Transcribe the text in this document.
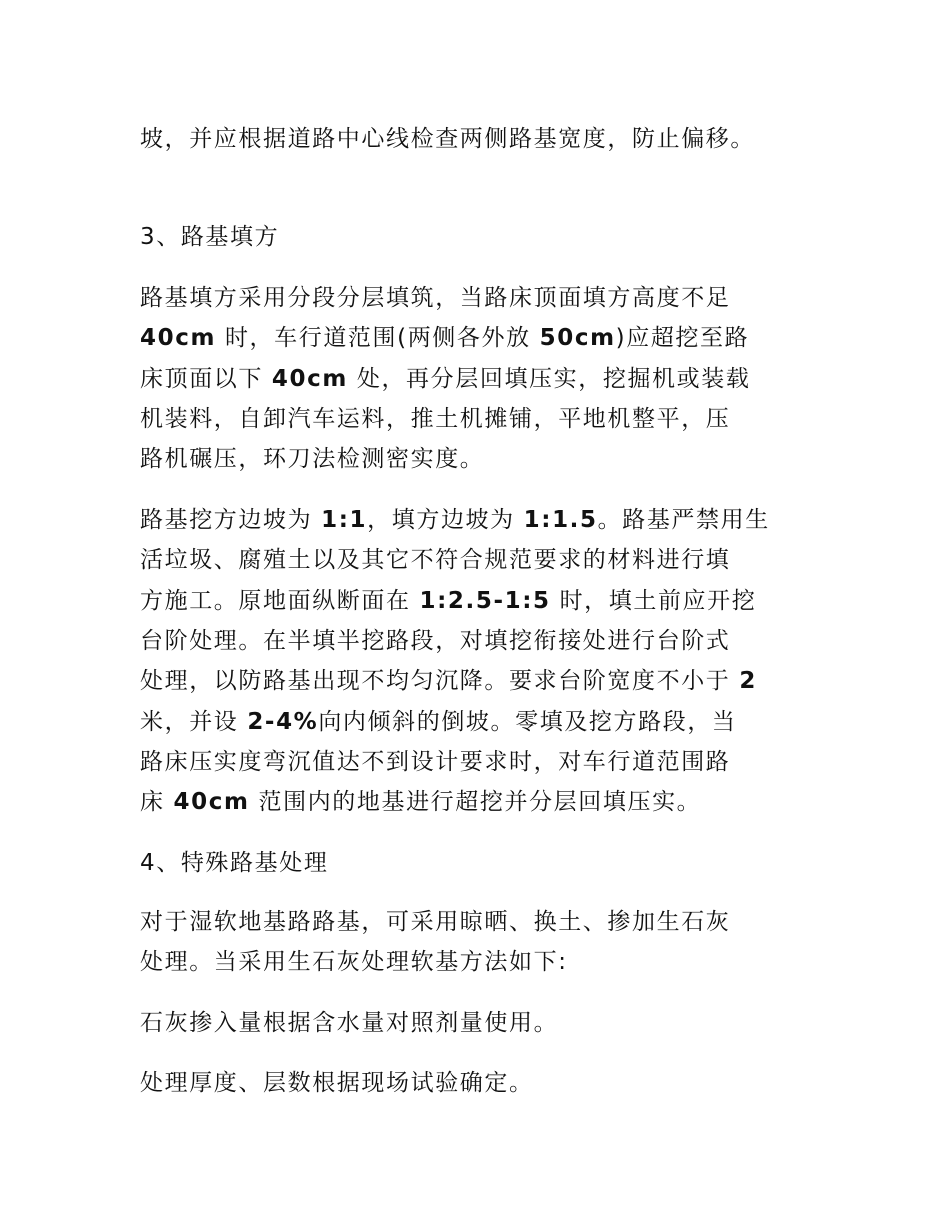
坡，并应根据道路中心线检查两侧路基宽度，防止偏移。
3、路基填方
路基填方采用分段分层填筑，当路床顶面填方高度不足
40cm 时，车行道范围(两侧各外放 50cm)应超挖至路
床顶面以下 40cm 处，再分层回填压实，挖掘机或装载
机装料，自卸汽车运料，推土机摊铺，平地机整平，压
路机碾压，环刀法检测密实度。
路基挖方边坡为 1:1，填方边坡为 1:1.5。路基严禁用生
活垃圾、腐殖土以及其它不符合规范要求的材料进行填
方施工。原地面纵断面在 1:2.5-1:5 时，填土前应开挖
台阶处理。在半填半挖路段，对填挖衔接处进行台阶式
处理，以防路基出现不均匀沉降。要求台阶宽度不小于 2
米，并设 2-4%向内倾斜的倒坡。零填及挖方路段，当
路床压实度弯沉值达不到设计要求时，对车行道范围路
床 40cm 范围内的地基进行超挖并分层回填压实。
4、特殊路基处理
对于湿软地基路路基，可采用晾晒、换土、掺加生石灰
处理。当采用生石灰处理软基方法如下:
石灰掺入量根据含水量对照剂量使用。
处理厚度、层数根据现场试验确定。
